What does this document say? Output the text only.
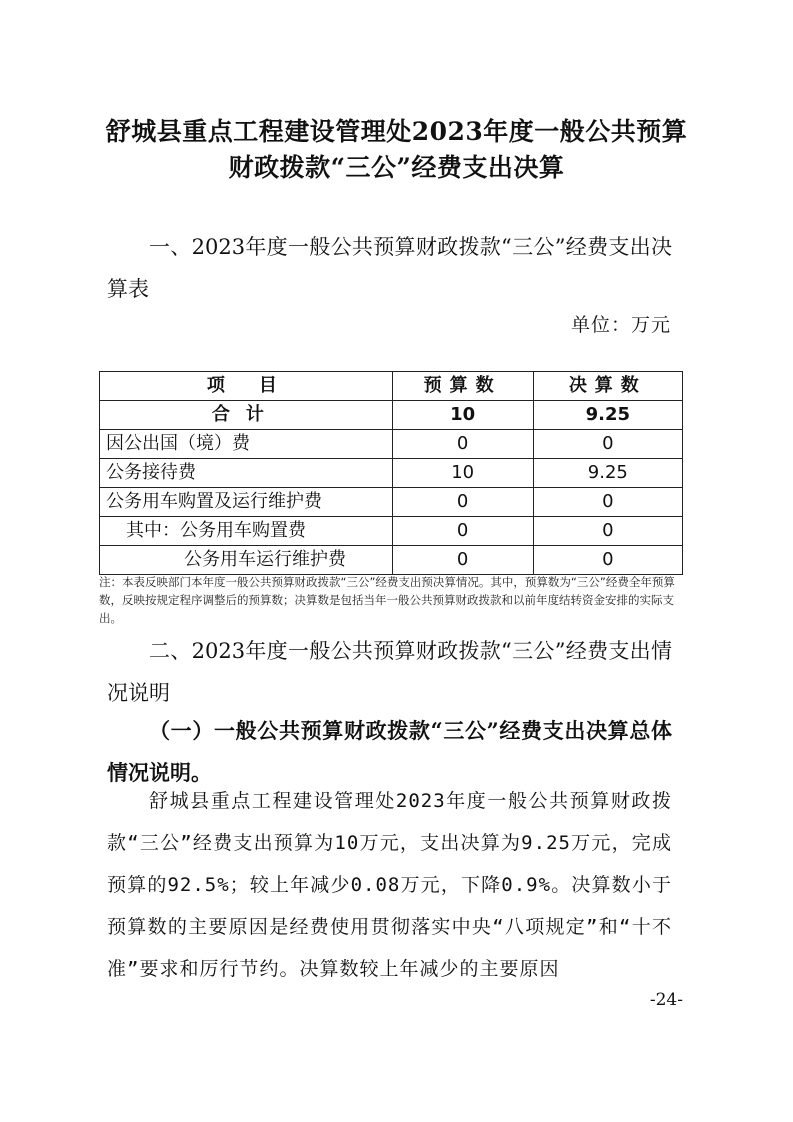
舒城县重点工程建设管理处2023年度一般公共预算
财政拨款“三公”经费支出决算
一、2023年度一般公共预算财政拨款“三公”经费支出决算表
单位：万元
项　目	预算数	决算数
合计	10	9.25
因公出国（境）费	0	0
公务接待费	10	9.25
公务用车购置及运行维护费	0	0
其中：公务用车购置费	0	0
公务用车运行维护费	0	0
注：本表反映部门本年度一般公共预算财政拨款“三公”经费支出预决算情况。其中，预算数为“三公”经费全年预算数，反映按规定程序调整后的预算数；决算数是包括当年一般公共预算财政拨款和以前年度结转资金安排的实际支出。
二、2023年度一般公共预算财政拨款“三公”经费支出情况说明
（一）一般公共预算财政拨款“三公”经费支出决算总体情况说明。
舒城县重点工程建设管理处2023年度一般公共预算财政拨款“三公”经费支出预算为10万元，支出决算为9.25万元，完成预算的92.5%；较上年减少0.08万元，下降0.9%。决算数小于预算数的主要原因是经费使用贯彻落实中央“八项规定”和“十不准”要求和厉行节约。决算数较上年减少的主要原因
-24-
